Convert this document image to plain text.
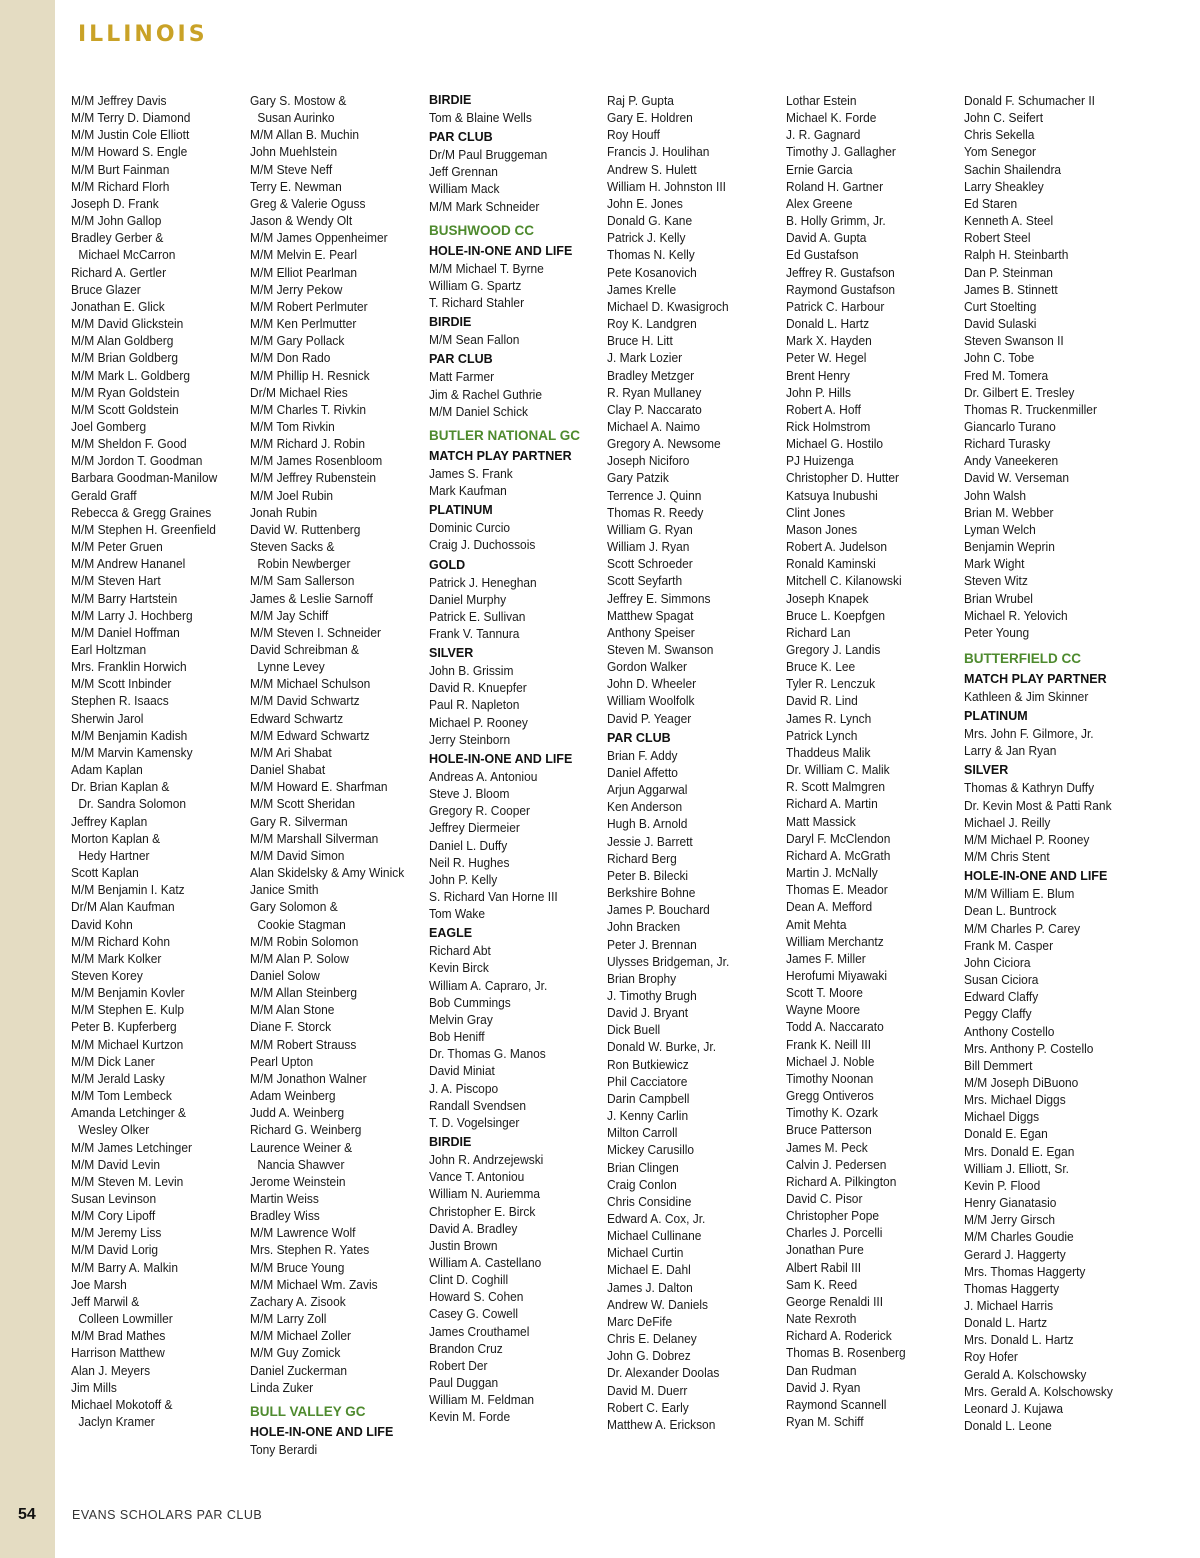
ILLINOIS
M/M Jeffrey Davis
M/M Terry D. Diamond
M/M Justin Cole Elliott
M/M Howard S. Engle
M/M Burt Fainman
M/M Richard Florh
Joseph D. Frank
M/M John Gallop
Bradley Gerber &
Michael McCarron
Richard A. Gertler
Bruce Glazer
Jonathan E. Glick
M/M David Glickstein
M/M Alan Goldberg
M/M Brian Goldberg
M/M Mark L. Goldberg
M/M Ryan Goldstein
M/M Scott Goldstein
Joel Gomberg
M/M Sheldon F. Good
M/M Jordon T. Goodman
Barbara Goodman-Manilow
Gerald Graff
Rebecca & Gregg Graines
M/M Stephen H. Greenfield
M/M Peter Gruen
M/M Andrew Hananel
M/M Steven Hart
M/M Barry Hartstein
M/M Larry J. Hochberg
M/M Daniel Hoffman
Earl Holtzman
Mrs. Franklin Horwich
M/M Scott Inbinder
Stephen R. Isaacs
Sherwin Jarol
M/M Benjamin Kadish
M/M Marvin Kamensky
Adam Kaplan
Dr. Brian Kaplan &
Dr. Sandra Solomon
Jeffrey Kaplan
Morton Kaplan &
Hedy Hartner
Scott Kaplan
M/M Benjamin I. Katz
Dr/M Alan Kaufman
David Kohn
M/M Richard Kohn
M/M Mark Kolker
Steven Korey
M/M Benjamin Kovler
M/M Stephen E. Kulp
Peter B. Kupferberg
M/M Michael Kurtzon
M/M Dick Laner
M/M Jerald Lasky
M/M Tom Lembeck
Amanda Letchinger &
Wesley Olker
M/M James Letchinger
M/M David Levin
M/M Steven M. Levin
Susan Levinson
M/M Cory Lipoff
M/M Jeremy Liss
M/M David Lorig
M/M Barry A. Malkin
Joe Marsh
Jeff Marwil &
Colleen Lowmiller
M/M Brad Mathes
Harrison Matthew
Alan J. Meyers
Jim Mills
Michael Mokotoff &
Jaclyn Kramer
Gary S. Mostow &
Susan Aurinko
M/M Allan B. Muchin
John Muehlstein
M/M Steve Neff
Terry E. Newman
Greg & Valerie Oguss
Jason & Wendy Olt
M/M James Oppenheimer
M/M Melvin E. Pearl
M/M Elliot Pearlman
M/M Jerry Pekow
M/M Robert Perlmuter
M/M Ken Perlmutter
M/M Gary Pollack
M/M Don Rado
M/M Phillip H. Resnick
Dr/M Michael Ries
M/M Charles T. Rivkin
M/M Tom Rivkin
M/M Richard J. Robin
M/M James Rosenbloom
M/M Jeffrey Rubenstein
M/M Joel Rubin
Jonah Rubin
David W. Ruttenberg
Steven Sacks &
Robin Newberger
M/M Sam Sallerson
James & Leslie Sarnoff
M/M Jay Schiff
M/M Steven I. Schneider
David Schreibman &
Lynne Levey
M/M Michael Schulson
M/M David Schwartz
Edward Schwartz
M/M Edward Schwartz
M/M Ari Shabat
Daniel Shabat
M/M Howard E. Sharfman
M/M Scott Sheridan
Gary R. Silverman
M/M Marshall Silverman
M/M David Simon
Alan Skidelsky & Amy Winick
Janice Smith
Gary Solomon &
Cookie Stagman
M/M Robin Solomon
M/M Alan P. Solow
Daniel Solow
M/M Allan Steinberg
M/M Alan Stone
Diane F. Storck
M/M Robert Strauss
Pearl Upton
M/M Jonathon Walner
Adam Weinberg
Judd A. Weinberg
Richard G. Weinberg
Laurence Weiner &
Nancia Shawver
Jerome Weinstein
Martin Weiss
Bradley Wiss
M/M Lawrence Wolf
Mrs. Stephen R. Yates
M/M Bruce Young
M/M Michael Wm. Zavis
Zachary A. Zisook
M/M Larry Zoll
M/M Michael Zoller
M/M Guy Zomick
Daniel Zuckerman
Linda Zuker
BULL VALLEY GC
HOLE-IN-ONE AND LIFE
Tony Berardi
BIRDIE
Tom & Blaine Wells
PAR CLUB
Dr/M Paul Bruggeman
Jeff Grennan
William Mack
M/M Mark Schneider
BUSHWOOD CC
HOLE-IN-ONE AND LIFE
M/M Michael T. Byrne
William G. Spartz
T. Richard Stahler
BIRDIE
M/M Sean Fallon
PAR CLUB
Matt Farmer
Jim & Rachel Guthrie
M/M Daniel Schick
BUTLER NATIONAL GC
MATCH PLAY PARTNER
James S. Frank
Mark Kaufman
PLATINUM
Dominic Curcio
Craig J. Duchossois
GOLD
Patrick J. Heneghan
Daniel Murphy
Patrick E. Sullivan
Frank V. Tannura
SILVER
John B. Grissim
David R. Knuepfer
Paul R. Napleton
Michael P. Rooney
Jerry Steinborn
HOLE-IN-ONE AND LIFE
Andreas A. Antoniou
Steve J. Bloom
Gregory R. Cooper
Jeffrey Diermeier
Daniel L. Duffy
Neil R. Hughes
John P. Kelly
S. Richard Van Horne III
Tom Wake
EAGLE
Richard Abt
Kevin Birck
William A. Capraro, Jr.
Bob Cummings
Melvin Gray
Bob Heniff
Dr. Thomas G. Manos
David Miniat
J. A. Piscopo
Randall Svendsen
T. D. Vogelsinger
BIRDIE
John R. Andrzejewski
Vance T. Antoniou
William N. Auriemma
Christopher E. Birck
David A. Bradley
Justin Brown
William A. Castellano
Clint D. Coghill
Howard S. Cohen
Casey G. Cowell
James Crouthamel
Brandon Cruz
Robert Der
Paul Duggan
William M. Feldman
Kevin M. Forde
Raj P. Gupta
Gary E. Holdren
Roy Houff
Francis J. Houlihan
Andrew S. Hulett
William H. Johnston III
John E. Jones
Donald G. Kane
Patrick J. Kelly
Thomas N. Kelly
Pete Kosanovich
James Krelle
Michael D. Kwasigroch
Roy K. Landgren
Bruce H. Litt
J. Mark Lozier
Bradley Metzger
R. Ryan Mullaney
Clay P. Naccarato
Michael A. Naimo
Gregory A. Newsome
Joseph Niciforo
Gary Patzik
Terrence J. Quinn
Thomas R. Reedy
William G. Ryan
William J. Ryan
Scott Schroeder
Scott Seyfarth
Jeffrey E. Simmons
Matthew Spagat
Anthony Speiser
Steven M. Swanson
Gordon Walker
John D. Wheeler
William Woolfolk
David P. Yeager
PAR CLUB
Brian F. Addy
Daniel Affetto
Arjun Aggarwal
Ken Anderson
Hugh B. Arnold
Jessie J. Barrett
Richard Berg
Peter B. Bilecki
Berkshire Bohne
James P. Bouchard
John Bracken
Peter J. Brennan
Ulysses Bridgeman, Jr.
Brian Brophy
J. Timothy Brugh
David J. Bryant
Dick Buell
Donald W. Burke, Jr.
Ron Butkiewicz
Phil Cacciatore
Darin Campbell
J. Kenny Carlin
Milton Carroll
Mickey Carusillo
Brian Clingen
Craig Conlon
Chris Considine
Edward A. Cox, Jr.
Michael Cullinane
Michael Curtin
Michael E. Dahl
James J. Dalton
Andrew W. Daniels
Marc DeFife
Chris E. Delaney
John G. Dobrez
Dr. Alexander Doolas
David M. Duerr
Robert C. Early
Matthew A. Erickson
Lothar Estein
Michael K. Forde
J. R. Gagnard
Timothy J. Gallagher
Ernie Garcia
Roland H. Gartner
Alex Greene
B. Holly Grimm, Jr.
David A. Gupta
Ed Gustafson
Jeffrey R. Gustafson
Raymond Gustafson
Patrick C. Harbour
Donald L. Hartz
Mark X. Hayden
Peter W. Hegel
Brent Henry
John P. Hills
Robert A. Hoff
Rick Holmstrom
Michael G. Hostilo
PJ Huizenga
Christopher D. Hutter
Katsuya Inubushi
Clint Jones
Mason Jones
Robert A. Judelson
Ronald Kaminski
Mitchell C. Kilanowski
Joseph Knapek
Bruce L. Koepfgen
Richard Lan
Gregory J. Landis
Bruce K. Lee
Tyler R. Lenczuk
David R. Lind
James R. Lynch
Patrick Lynch
Thaddeus Malik
Dr. William C. Malik
R. Scott Malmgren
Richard A. Martin
Matt Massick
Daryl F. McClendon
Richard A. McGrath
Martin J. McNally
Thomas E. Meador
Dean A. Mefford
Amit Mehta
William Merchantz
James F. Miller
Herofumi Miyawaki
Scott T. Moore
Wayne Moore
Todd A. Naccarato
Frank K. Neill III
Michael J. Noble
Timothy Noonan
Gregg Ontiveros
Timothy K. Ozark
Bruce Patterson
James M. Peck
Calvin J. Pedersen
Richard A. Pilkington
David C. Pisor
Christopher Pope
Charles J. Porcelli
Jonathan Pure
Albert Rabil III
Sam K. Reed
George Renaldi III
Nate Rexroth
Richard A. Roderick
Thomas B. Rosenberg
Dan Rudman
David J. Ryan
Raymond Scannell
Ryan M. Schiff
Donald F. Schumacher II
John C. Seifert
Chris Sekella
Yom Senegor
Sachin Shailendra
Larry Sheakley
Ed Staren
Kenneth A. Steel
Robert Steel
Ralph H. Steinbarth
Dan P. Steinman
James B. Stinnett
Curt Stoelting
David Sulaski
Steven Swanson II
John C. Tobe
Fred M. Tomera
Dr. Gilbert E. Tresley
Thomas R. Truckenmiller
Giancarlo Turano
Richard Turasky
Andy Vaneekeren
David W. Verseman
John Walsh
Brian M. Webber
Lyman Welch
Benjamin Weprin
Mark Wight
Steven Witz
Brian Wrubel
Michael R. Yelovich
Peter Young
BUTTERFIELD CC
MATCH PLAY PARTNER
Kathleen & Jim Skinner
PLATINUM
Mrs. John F. Gilmore, Jr.
Larry & Jan Ryan
SILVER
Thomas & Kathryn Duffy
Dr. Kevin Most & Patti Rank
Michael J. Reilly
M/M Michael P. Rooney
M/M Chris Stent
HOLE-IN-ONE AND LIFE
M/M William E. Blum
Dean L. Buntrock
M/M Charles P. Carey
Frank M. Casper
John Ciciora
Susan Ciciora
Edward Claffy
Peggy Claffy
Anthony Costello
Mrs. Anthony P. Costello
Bill Demmert
M/M Joseph DiBuono
Mrs. Michael Diggs
Michael Diggs
Donald E. Egan
Mrs. Donald E. Egan
William J. Elliott, Sr.
Kevin P. Flood
Henry Gianatasio
M/M Jerry Girsch
M/M Charles Goudie
Gerard J. Haggerty
Mrs. Thomas Haggerty
Thomas Haggerty
J. Michael Harris
Donald L. Hartz
Mrs. Donald L. Hartz
Roy Hofer
Gerald A. Kolschowsky
Mrs. Gerald A. Kolschowsky
Leonard J. Kujawa
Donald L. Leone
54	EVANS SCHOLARS PAR CLUB
